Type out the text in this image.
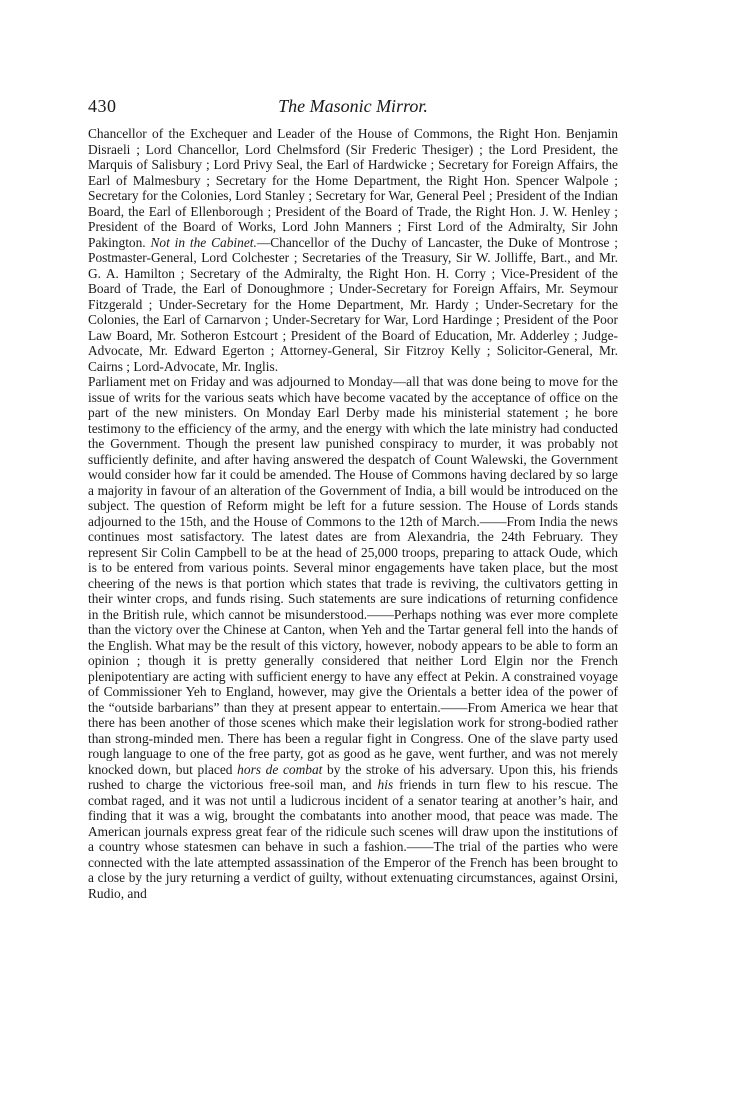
430	The Masonic Mirror.

Chancellor of the Exchequer and Leader of the House of Commons, the Right Hon. Benjamin Disraeli ; Lord Chancellor, Lord Chelmsford (Sir Frederic Thesiger) ; the Lord President, the Marquis of Salisbury ; Lord Privy Seal, the Earl of Hardwicke ; Secretary for Foreign Affairs, the Earl of Malmesbury ; Secretary for the Home Department, the Right Hon. Spencer Walpole ; Secretary for the Colonies, Lord Stanley ; Secretary for War, General Peel ; President of the Indian Board, the Earl of Ellenborough ; President of the Board of Trade, the Right Hon. J. W. Henley ; President of the Board of Works, Lord John Manners ; First Lord of the Admiralty, Sir John Pakington. Not in the Cabinet.—Chancellor of the Duchy of Lancaster, the Duke of Montrose ; Postmaster-General, Lord Colchester ; Secretaries of the Treasury, Sir W. Jolliffe, Bart., and Mr. G. A. Hamilton ; Secretary of the Admiralty, the Right Hon. H. Corry ; Vice-President of the Board of Trade, the Earl of Donoughmore ; Under-Secretary for Foreign Affairs, Mr. Seymour Fitzgerald ; Under-Secretary for the Home Department, Mr. Hardy ; Under-Secretary for the Colonies, the Earl of Carnarvon ; Under-Secretary for War, Lord Hardinge ; President of the Poor Law Board, Mr. Sotheron Estcourt ; President of the Board of Education, Mr. Adderley ; Judge-Advocate, Mr. Edward Egerton ; Attorney-General, Sir Fitzroy Kelly ; Solicitor-General, Mr. Cairns ; Lord-Advocate, Mr. Inglis.

Parliament met on Friday and was adjourned to Monday—all that was done being to move for the issue of writs for the various seats which have become vacated by the acceptance of office on the part of the new ministers. On Monday Earl Derby made his ministerial statement ; he bore testimony to the efficiency of the army, and the energy with which the late ministry had conducted the Government. Though the present law punished conspiracy to murder, it was probably not sufficiently definite, and after having answered the despatch of Count Walewski, the Government would consider how far it could be amended. The House of Commons having declared by so large a majority in favour of an alteration of the Government of India, a bill would be introduced on the subject. The question of Reform might be left for a future session. The House of Lords stands adjourned to the 15th, and the House of Commons to the 12th of March.——From India the news continues most satisfactory. The latest dates are from Alexandria, the 24th February. They represent Sir Colin Campbell to be at the head of 25,000 troops, preparing to attack Oude, which is to be entered from various points. Several minor engagements have taken place, but the most cheering of the news is that portion which states that trade is reviving, the cultivators getting in their winter crops, and funds rising. Such statements are sure indications of returning confidence in the British rule, which cannot be misunderstood.——Perhaps nothing was ever more complete than the victory over the Chinese at Canton, when Yeh and the Tartar general fell into the hands of the English. What may be the result of this victory, however, nobody appears to be able to form an opinion ; though it is pretty generally considered that neither Lord Elgin nor the French plenipotentiary are acting with sufficient energy to have any effect at Pekin. A constrained voyage of Commissioner Yeh to England, however, may give the Orientals a better idea of the power of the “outside barbarians” than they at present appear to entertain.——From America we hear that there has been another of those scenes which make their legislation work for strong-bodied rather than strong-minded men. There has been a regular fight in Congress. One of the slave party used rough language to one of the free party, got as good as he gave, went further, and was not merely knocked down, but placed hors de combat by the stroke of his adversary. Upon this, his friends rushed to charge the victorious free-soil man, and his friends in turn flew to his rescue. The combat raged, and it was not until a ludicrous incident of a senator tearing at another’s hair, and finding that it was a wig, brought the combatants into another mood, that peace was made. The American journals express great fear of the ridicule such scenes will draw upon the institutions of a country whose statesmen can behave in such a fashion.——The trial of the parties who were connected with the late attempted assassination of the Emperor of the French has been brought to a close by the jury returning a verdict of guilty, without extenuating circumstances, against Orsini, Rudio, and
